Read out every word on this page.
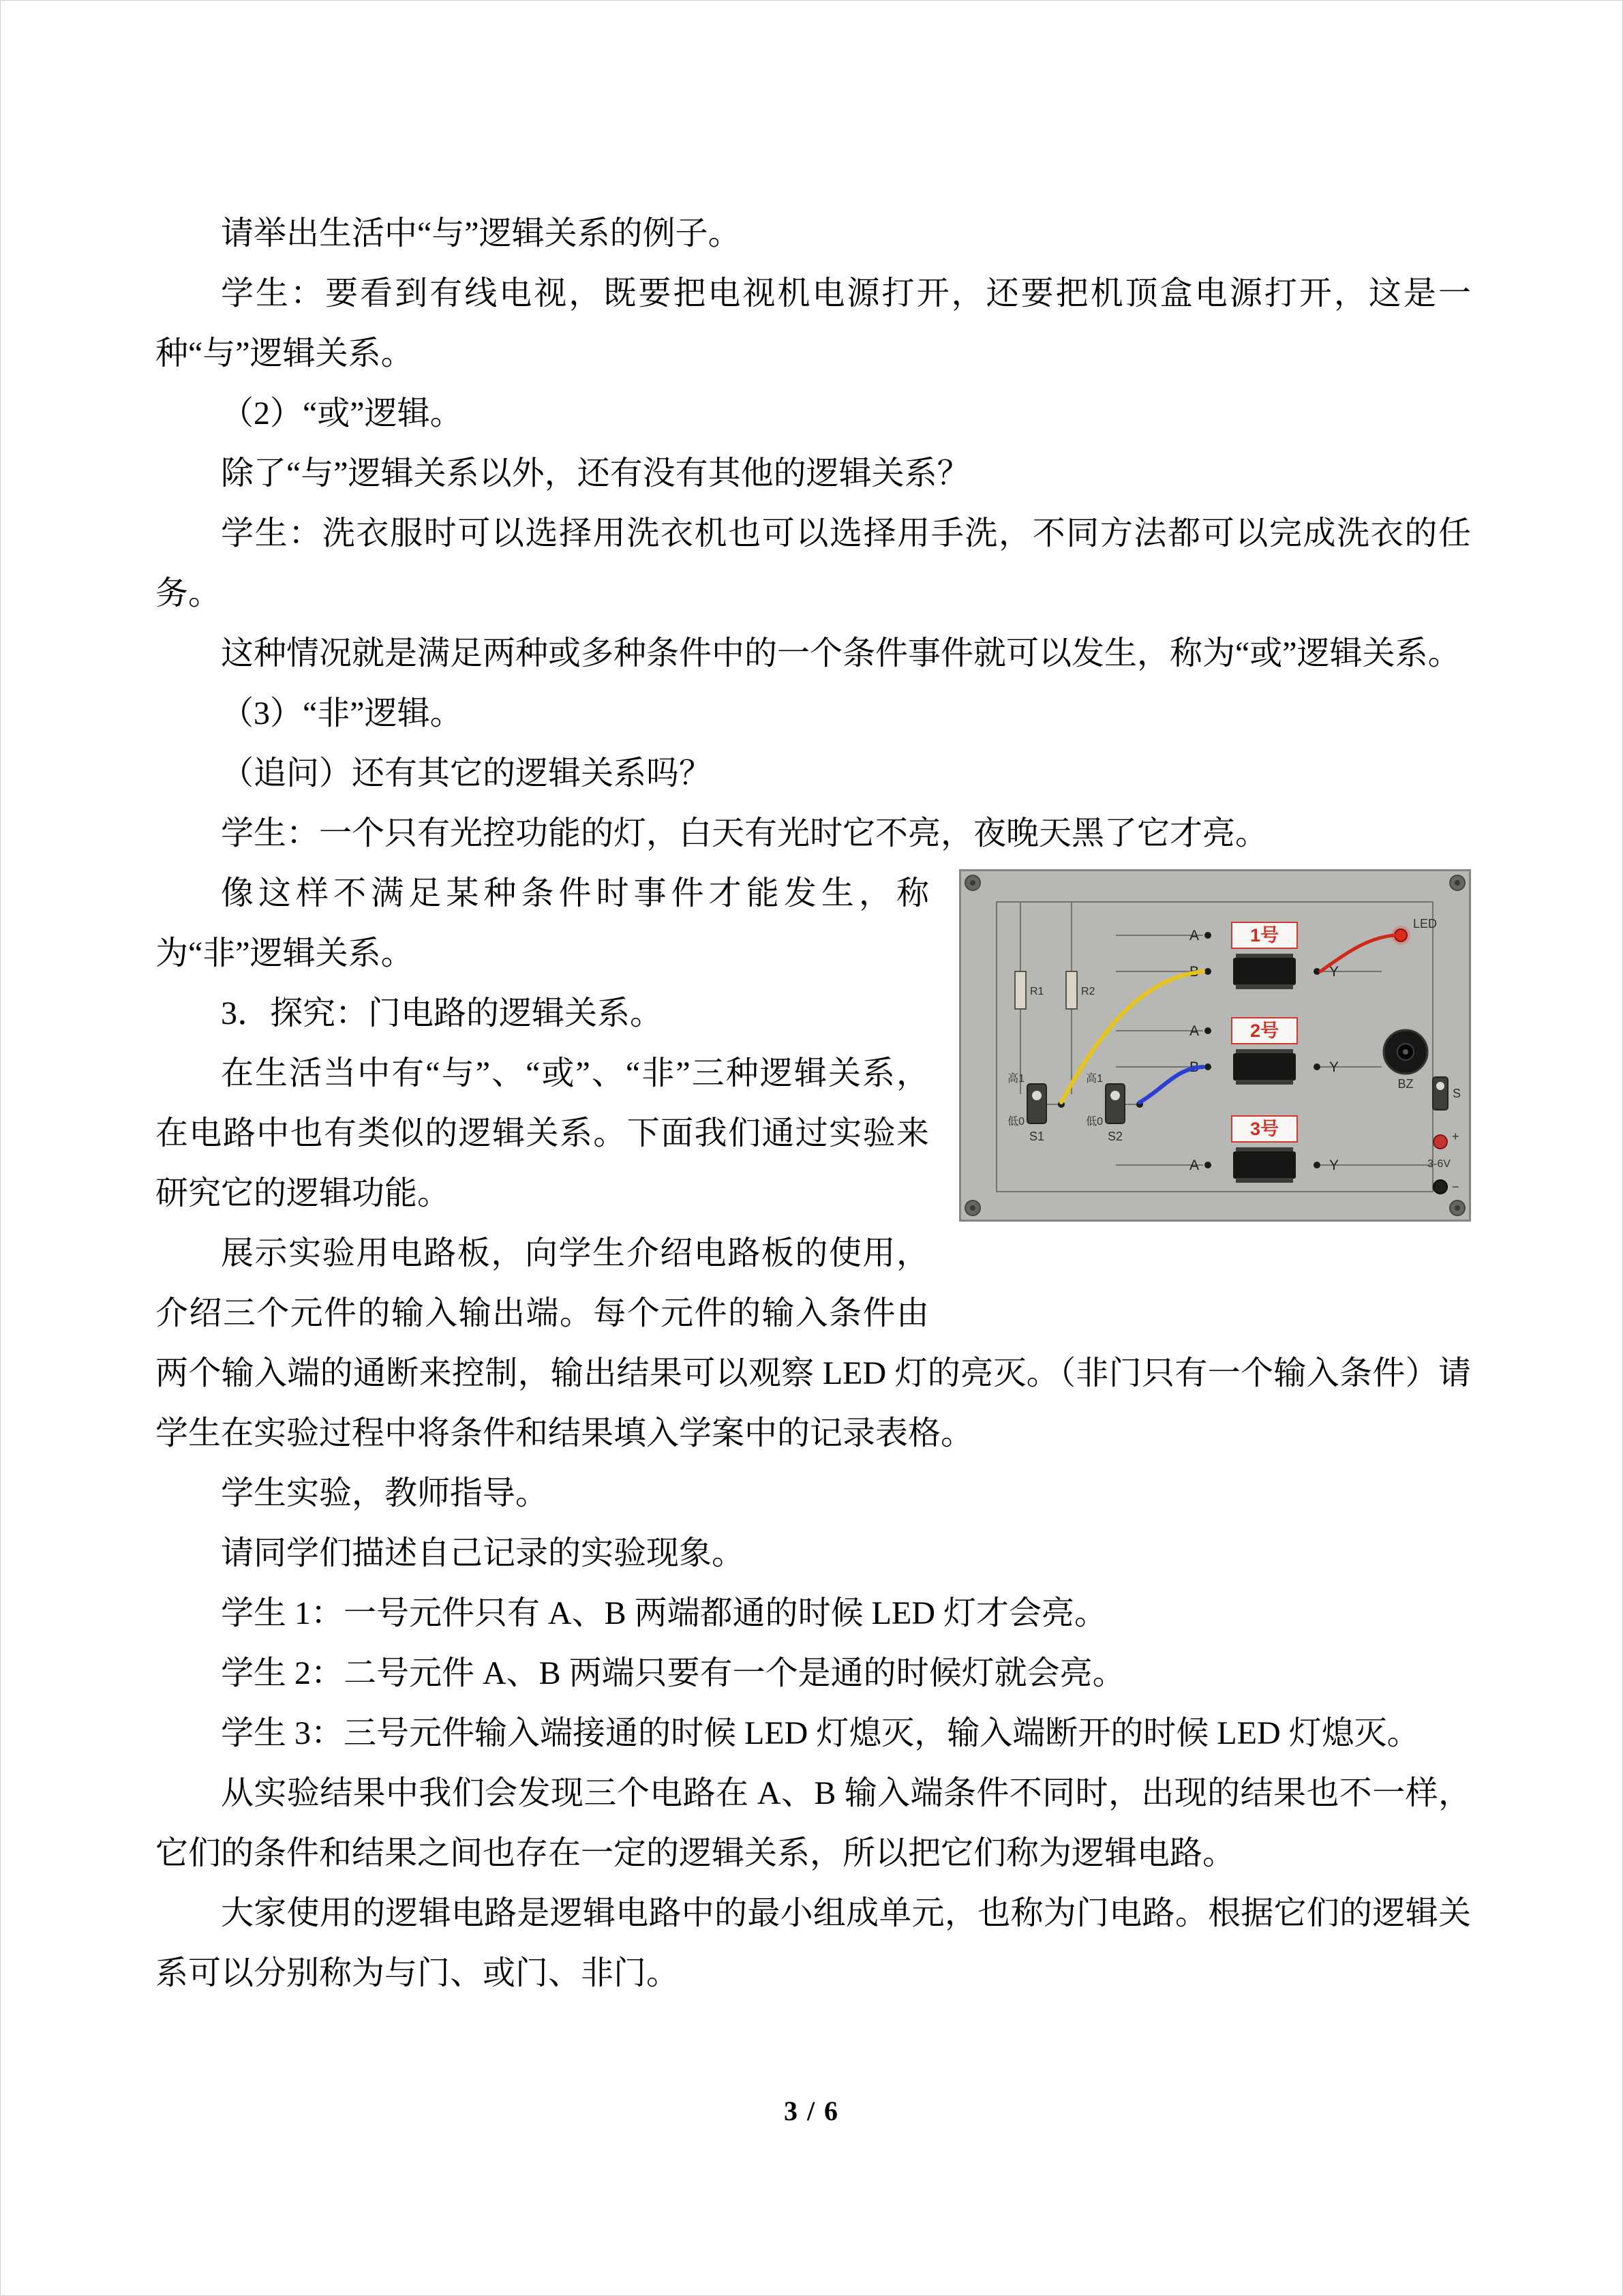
请举出生活中“与”逻辑关系的例子。

学生：要看到有线电视，既要把电视机电源打开，还要把机顶盒电源打开，这是一种“与”逻辑关系。

（2）“或”逻辑。

除了“与”逻辑关系以外，还有没有其他的逻辑关系？

学生：洗衣服时可以选择用洗衣机也可以选择用手洗，不同方法都可以完成洗衣的任务。

这种情况就是满足两种或多种条件中的一个条件事件就可以发生，称为“或”逻辑关系。

（3）“非”逻辑。

（追问）还有其它的逻辑关系吗？

学生：一个只有光控功能的灯，白天有光时它不亮，夜晚天黑了它才亮。

R1	R2
1号
A
B	Y
2号
A
B	Y
3号
A	Y
LED
BZ
高1
低0
S1
高1
低0
S2
S
+
3-6V
−

像这样不满足某种条件时事件才能发生，称为“非”逻辑关系。

3．探究：门电路的逻辑关系。

在生活当中有“与”、“或”、“非”三种逻辑关系，在电路中也有类似的逻辑关系。下面我们通过实验来研究它的逻辑功能。

展示实验用电路板，向学生介绍电路板的使用，介绍三个元件的输入输出端。每个元件的输入条件由两个输入端的通断来控制，输出结果可以观察 LED 灯的亮灭。（非门只有一个输入条件）请学生在实验过程中将条件和结果填入学案中的记录表格。

学生实验，教师指导。

请同学们描述自己记录的实验现象。

学生 1：一号元件只有 A、B 两端都通的时候 LED 灯才会亮。

学生 2：二号元件 A、B 两端只要有一个是通的时候灯就会亮。

学生 3：三号元件输入端接通的时候 LED 灯熄灭，输入端断开的时候 LED 灯熄灭。

从实验结果中我们会发现三个电路在 A、B 输入端条件不同时，出现的结果也不一样，它们的条件和结果之间也存在一定的逻辑关系，所以把它们称为逻辑电路。

大家使用的逻辑电路是逻辑电路中的最小组成单元，也称为门电路。根据它们的逻辑关系可以分别称为与门、或门、非门。

3 / 6
